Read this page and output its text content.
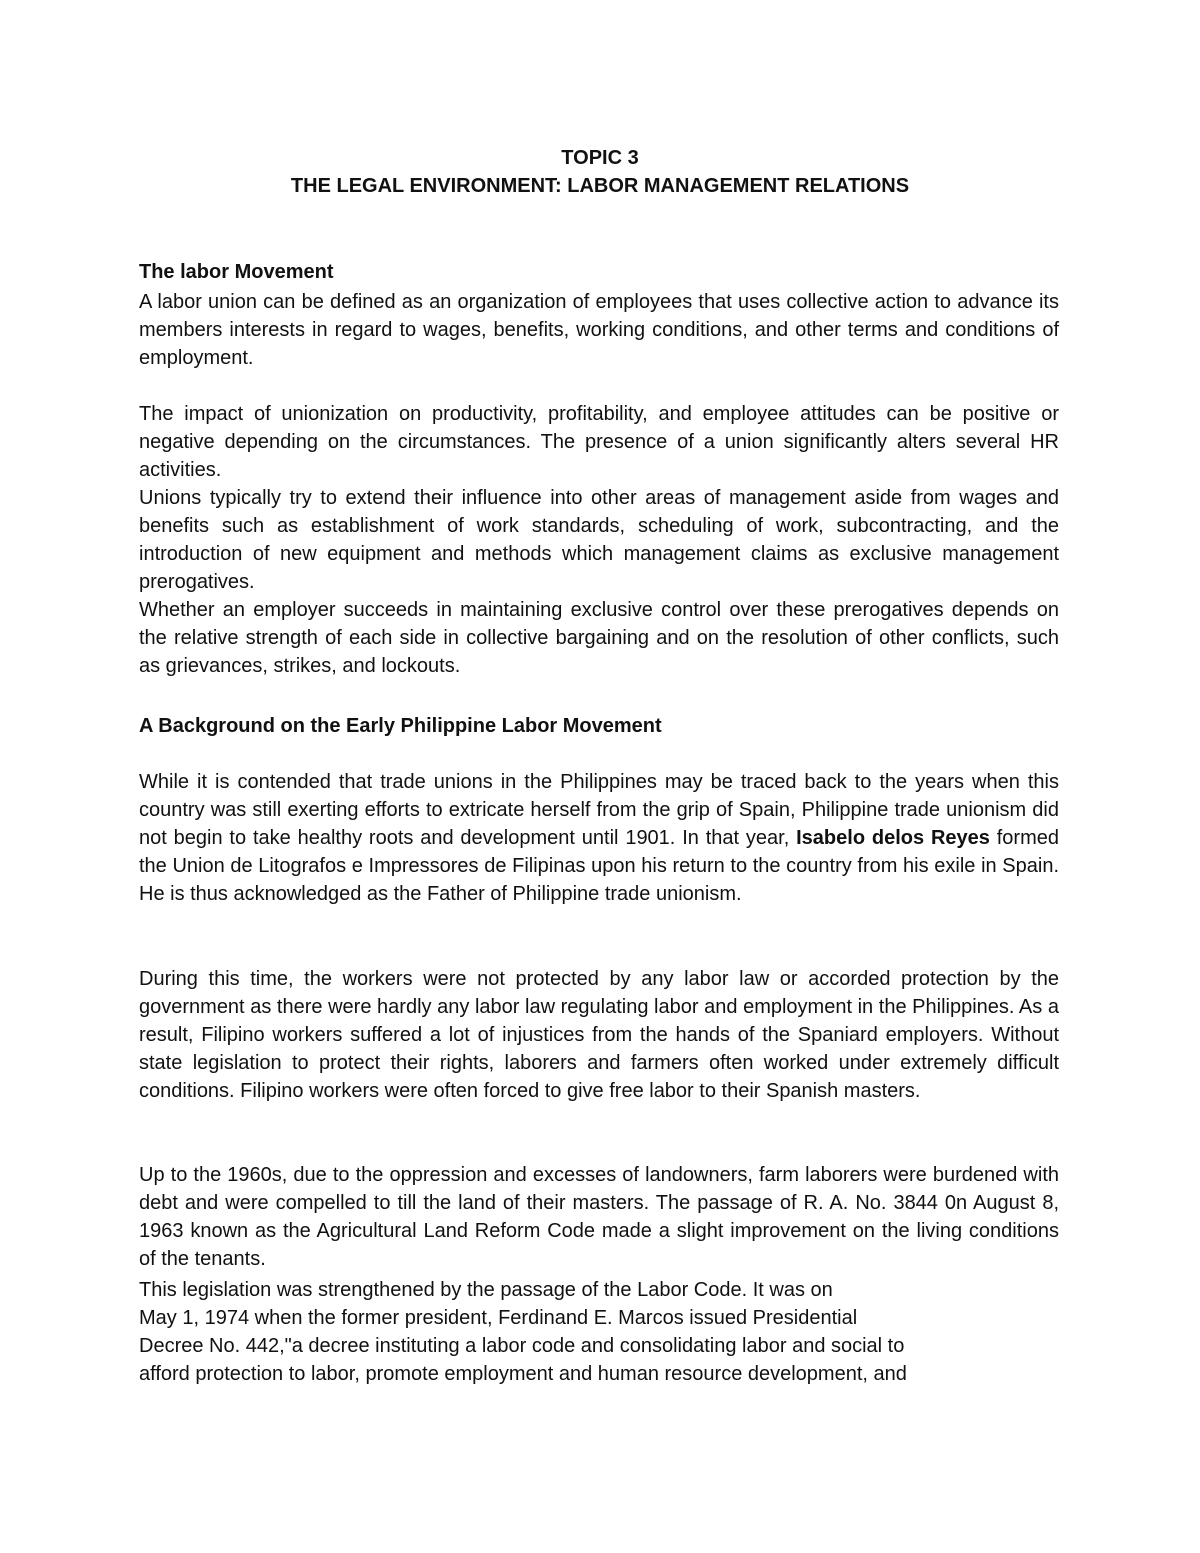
TOPIC 3

THE LEGAL ENVIRONMENT: LABOR MANAGEMENT RELATIONS

The labor Movement

A labor union can be defined as an organization of employees that uses collective action to advance its members interests in regard to wages, benefits, working conditions, and other terms and conditions of employment.

The impact of unionization on productivity, profitability, and employee attitudes can be positive or negative depending on the circumstances. The presence of a union significantly alters several HR activities.

Unions typically try to extend their influence into other areas of management aside from wages and benefits such as establishment of work standards, scheduling of work, subcontracting, and the introduction of new equipment and methods which management claims as exclusive management prerogatives.

Whether an employer succeeds in maintaining exclusive control over these prerogatives depends on the relative strength of each side in collective bargaining and on the resolution of other conflicts, such as grievances, strikes, and lockouts.

A Background on the Early Philippine Labor Movement

While it is contended that trade unions in the Philippines may be traced back to the years when this country was still exerting efforts to extricate herself from the grip of Spain, Philippine trade unionism did not begin to take healthy roots and development until 1901. In that year, Isabelo delos Reyes formed the Union de Litografos e Impressores de Filipinas upon his return to the country from his exile in Spain. He is thus acknowledged as the Father of Philippine trade unionism.

During this time, the workers were not protected by any labor law or accorded protection by the government as there were hardly any labor law regulating labor and employment in the Philippines. As a result, Filipino workers suffered a lot of injustices from the hands of the Spaniard employers. Without state legislation to protect their rights, laborers and farmers often worked under extremely difficult conditions. Filipino workers were often forced to give free labor to their Spanish masters.

Up to the 1960s, due to the oppression and excesses of landowners, farm laborers were burdened with debt and were compelled to till the land of their masters. The passage of R. A. No. 3844 0n August 8, 1963 known as the Agricultural Land Reform Code made a slight improvement on the living conditions of the tenants.

This legislation was strengthened by the passage of the Labor Code. It was on

May 1, 1974 when the former president, Ferdinand E. Marcos issued Presidential

Decree No. 442,"a decree instituting a labor code and consolidating labor and social to

afford protection to labor, promote employment and human resource development, and
